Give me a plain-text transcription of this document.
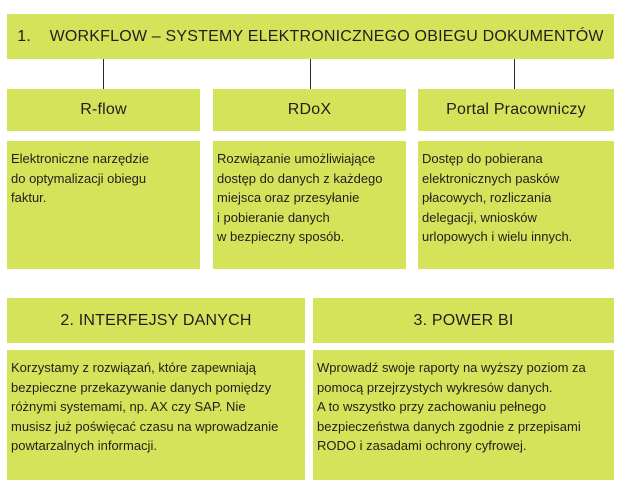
1.    WORKFLOW – SYSTEMY ELEKTRONICZNEGO OBIEGU DOKUMENTÓW
R-flow	RDoX	Portal Pracowniczy
Elektroniczne narzędzie
do optymalizacji obiegu
faktur.
Rozwiązanie umożliwiające
dostęp do danych z każdego
miejsca oraz przesyłanie
i pobieranie danych
w bezpieczny sposób.
Dostęp do pobierana
elektronicznych pasków
płacowych, rozliczania
delegacji, wniosków
urlopowych i wielu innych.
2. INTERFEJSY DANYCH
Korzystamy z rozwiązań, które zapewniają
bezpieczne przekazywanie danych pomiędzy
różnymi systemami, np. AX czy SAP. Nie
musisz już poświęcać czasu na wprowadzanie
powtarzalnych informacji.
3. POWER BI
Wprowadź swoje raporty na wyższy poziom za
pomocą przejrzystych wykresów danych.
A to wszystko przy zachowaniu pełnego
bezpieczeństwa danych zgodnie z przepisami
RODO i zasadami ochrony cyfrowej.
